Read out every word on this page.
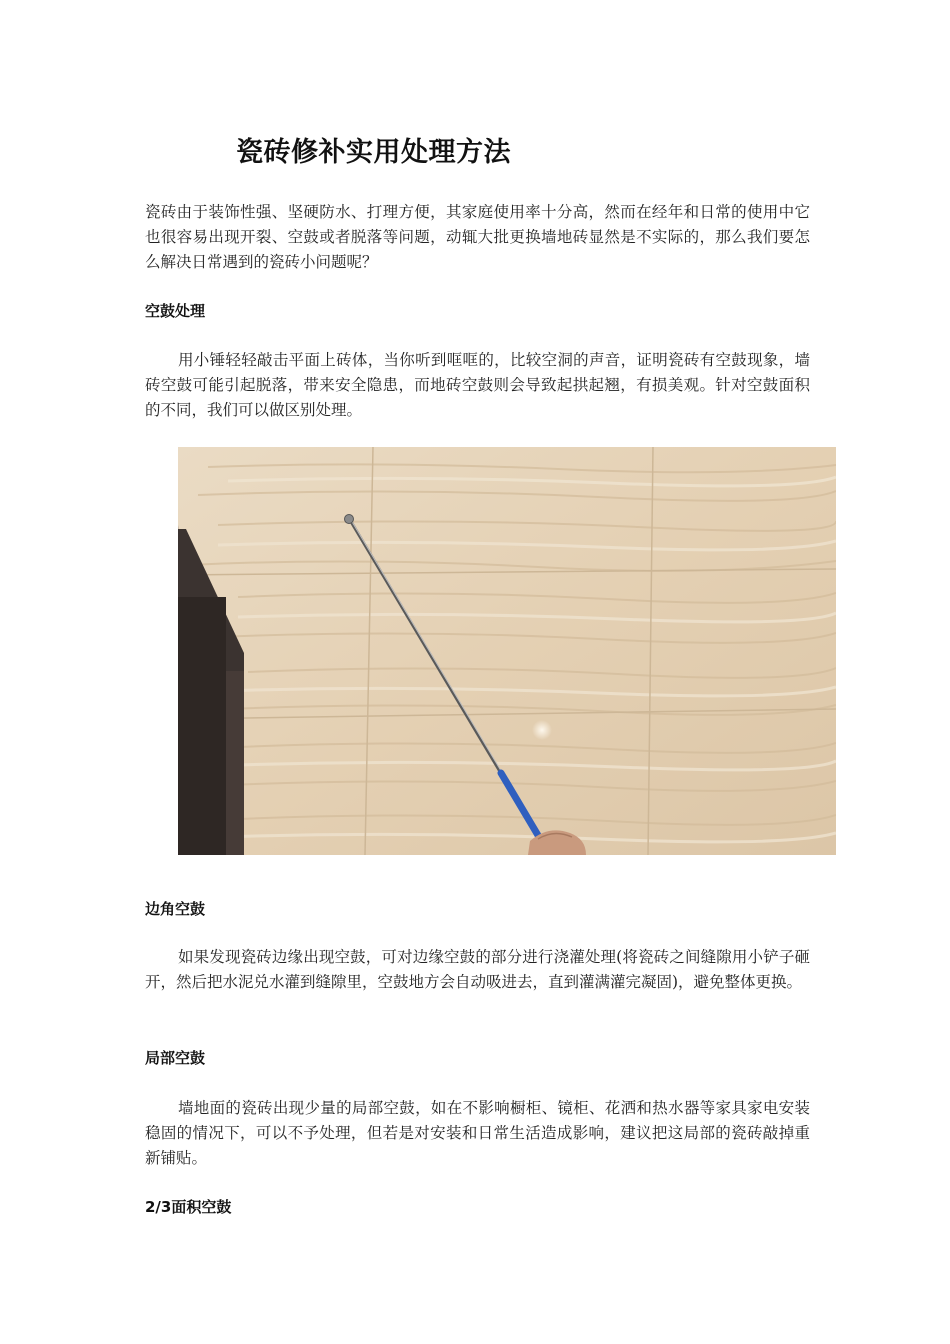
瓷砖修补实用处理方法

瓷砖由于装饰性强、坚硬防水、打理方便，其家庭使用率十分高，然而在经年和日常的使用中它也很容易出现开裂、空鼓或者脱落等问题，动辄大批更换墙地砖显然是不实际的，那么我们要怎么解决日常遇到的瓷砖小问题呢？

空鼓处理

用小锤轻轻敲击平面上砖体，当你听到哐哐的，比较空洞的声音，证明瓷砖有空鼓现象，墙砖空鼓可能引起脱落，带来安全隐患，而地砖空鼓则会导致起拱起翘，有损美观。针对空鼓面积的不同，我们可以做区别处理。

边角空鼓

如果发现瓷砖边缘出现空鼓，可对边缘空鼓的部分进行浇灌处理(将瓷砖之间缝隙用小铲子砸开，然后把水泥兑水灌到缝隙里，空鼓地方会自动吸进去，直到灌满灌完凝固)，避免整体更换。

局部空鼓

墙地面的瓷砖出现少量的局部空鼓，如在不影响橱柜、镜柜、花洒和热水器等家具家电安装稳固的情况下，可以不予处理，但若是对安装和日常生活造成影响，建议把这局部的瓷砖敲掉重新铺贴。

2/3面积空鼓
